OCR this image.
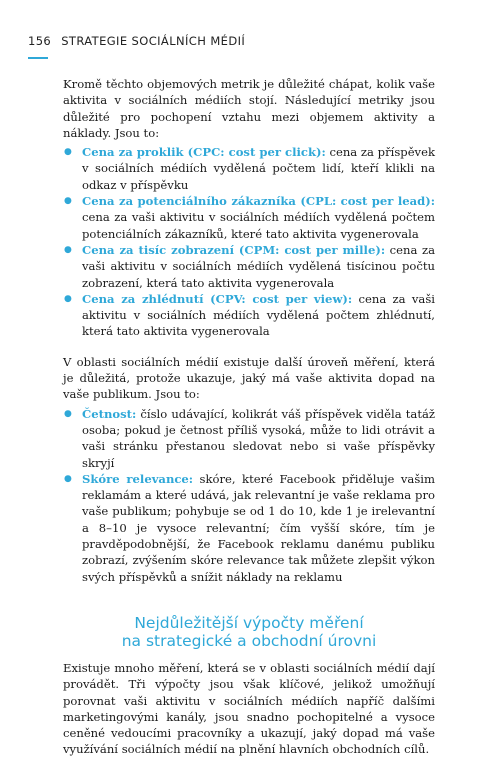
156 STRATEGIE SOCIÁLNÍCH MÉDIÍ

Kromě těchto objemových metrik je důležité chápat, kolik vaše aktivita v sociálních médiích stojí. Následující metriky jsou důležité pro pochopení vztahu mezi objemem aktivity a náklady. Jsou to:

● Cena za proklik (CPC: cost per click): cena za příspěvek v sociálních médiích vydělená počtem lidí, kteří klikli na odkaz v příspěvku
● Cena za potenciálního zákazníka (CPL: cost per lead): cena za vaši aktivitu v sociálních médiích vydělená počtem potenciálních zákazníků, které tato aktivita vygenerovala
● Cena za tisíc zobrazení (CPM: cost per mille): cena za vaši aktivitu v sociálních médiích vydělená tisícinou počtu zobrazení, která tato aktivita vygenerovala
● Cena za zhlédnutí (CPV: cost per view): cena za vaši aktivitu v sociálních médiích vydělená počtem zhlédnutí, která tato aktivita vygenerovala

V oblasti sociálních médií existuje další úroveň měření, která je důležitá, protože ukazuje, jaký má vaše aktivita dopad na vaše publikum. Jsou to:

● Četnost: číslo udávající, kolikrát váš příspěvek viděla tatáž osoba; pokud je četnost příliš vysoká, může to lidi otrávit a vaši stránku přestanou sledovat nebo si vaše příspěvky skryjí
● Skóre relevance: skóre, které Facebook přiděluje vašim reklamám a které udává, jak relevantní je vaše reklama pro vaše publikum; pohybuje se od 1 do 10, kde 1 je irelevantní a 8–10 je vysoce relevantní; čím vyšší skóre, tím je pravděpodobnější, že Facebook reklamu danému publiku zobrazí, zvýšením skóre relevance tak můžete zlepšit výkon svých příspěvků a snížit náklady na reklamu
Nejdůležitější výpočty měření
na strategické a obchodní úrovni

Existuje mnoho měření, která se v oblasti sociálních médií dají provádět. Tři výpočty jsou však klíčové, jelikož umožňují porovnat vaši aktivitu v sociálních médiích napříč dalšími marketingovými kanály, jsou snadno pochopitelné a vysoce ceněné vedoucími pracovníky a ukazují, jaký dopad má vaše využívání sociálních médií na plnění hlavních obchodních cílů.
